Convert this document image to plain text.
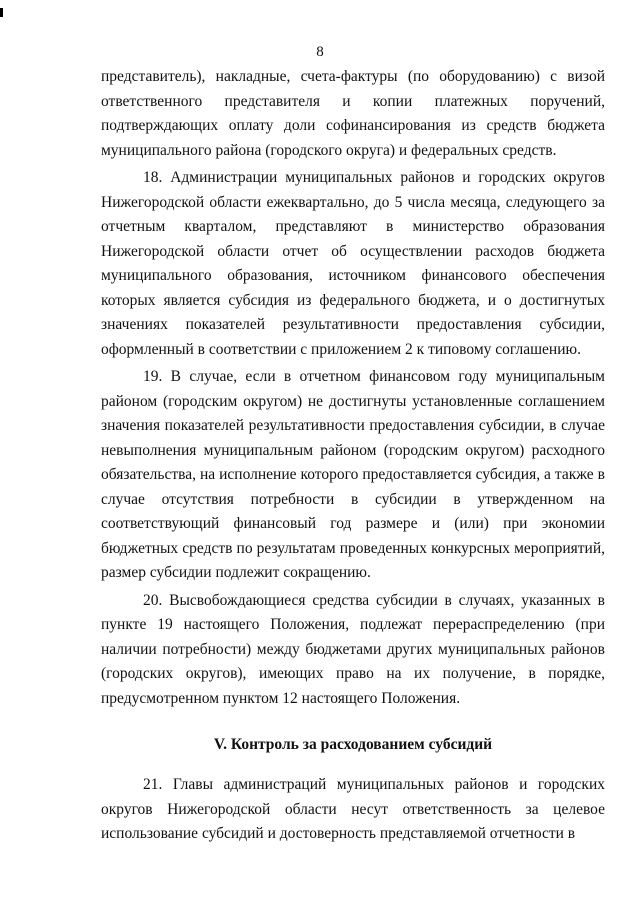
8

представитель), накладные, счета-фактуры (по оборудованию) с визой ответственного представителя и копии платежных поручений, подтверждающих оплату доли софинансирования из средств бюджета муниципального района (городского округа) и федеральных средств.

18. Администрации муниципальных районов и городских округов Нижегородской области ежеквартально, до 5 числа месяца, следующего за отчетным кварталом, представляют в министерство образования Нижегородской области отчет об осуществлении расходов бюджета муниципального образования, источником финансового обеспечения которых является субсидия из федерального бюджета, и о достигнутых значениях показателей результативности предоставления субсидии, оформленный в соответствии с приложением 2 к типовому соглашению.

19. В случае, если в отчетном финансовом году муниципальным районом (городским округом) не достигнуты установленные соглашением значения показателей результативности предоставления субсидии, в случае невыполнения муниципальным районом (городским округом) расходного обязательства, на исполнение которого предоставляется субсидия, а также в случае отсутствия потребности в субсидии в утвержденном на соответствующий финансовый год размере и (или) при экономии бюджетных средств по результатам проведенных конкурсных мероприятий, размер субсидии подлежит сокращению.

20. Высвобождающиеся средства субсидии в случаях, указанных в пункте 19 настоящего Положения, подлежат перераспределению (при наличии потребности) между бюджетами других муниципальных районов (городских округов), имеющих право на их получение, в порядке, предусмотренном пунктом 12 настоящего Положения.

V. Контроль за расходованием субсидий

21. Главы администраций муниципальных районов и городских округов Нижегородской области несут ответственность за целевое использование субсидий и достоверность представляемой отчетности в
